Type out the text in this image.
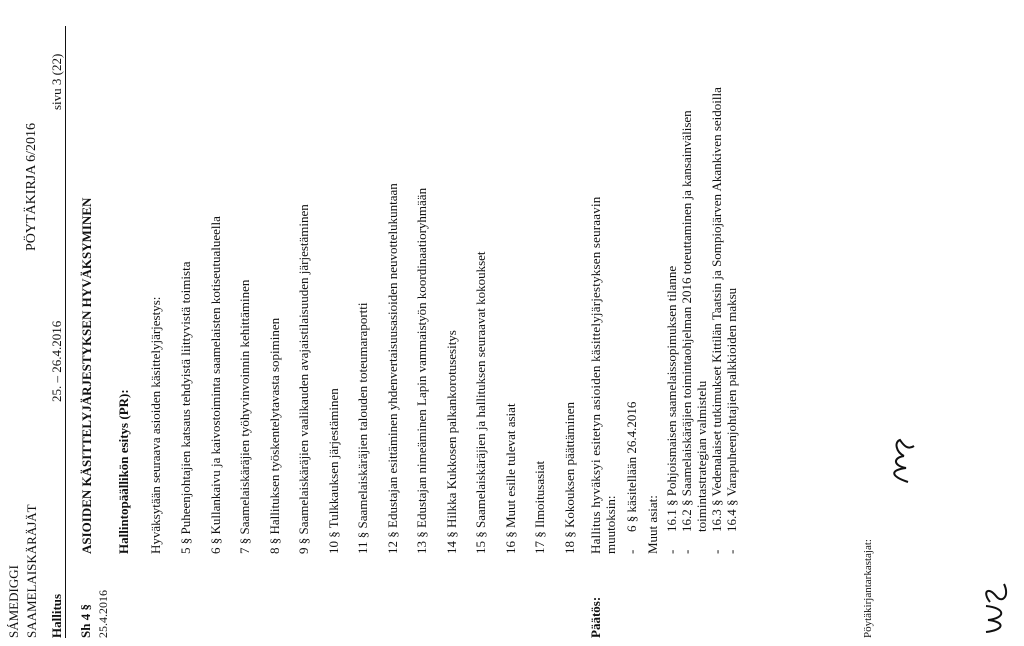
SÁMEDIGGI SAAMELAISKÄRÄJÄT
PÖYTÄKIRJA 6/2016
Hallitus
25. – 26.4.2016
sivu 3 (22)
Sh 4 § 25.4.2016
ASIOIDEN KÄSITTELYJÄRJESTYKSEN HYVÄKSYMINEN Hallintopäällikön esitys (PR): Hyväksytään seuraava asioiden käsittelyjärjestys: 5 § Puheenjohtajien katsaus tehdyistä liittyvistä toimista	6 § Kullankaivu ja kaivostoiminta saamelaisten kotiseutualueella	7 § Saamelaiskäräjien työhyvinvoinnin kehittäminen	8 § Hallituksen työskentelytavasta sopiminen	9 § Saamelaiskäräjien vaalikauden avajaistilaisuuden järjestäminen	10 § Tulkkauksen järjestäminen	11 § Saamelaiskäräjien talouden toteumaraportti	12 § Edustajan esittäminen yhdenvertaisuusasioiden neuvottelukuntaan	13 § Edustajan nimeäminen Lapin vammaistyön koordinaatioryhmään	14 § Hilkka Kukkosen palkankorotusesitys	15 § Saamelaiskäräjien ja hallituksen seuraavat kokoukset	16 § Muut esille tulevat asiat	17 § Ilmoitusasiat	18 § Kokouksen päättäminen
Päätös:
Hallitus hyväksyi esitetyn asioiden käsittelyjärjestyksen seuraavin muutoksin: - 6 § käsitellään 26.4.2016 Muut asiat: - 16.1 § Pohjoismaisen saamelaissopimuksen tilanne - 16.2 § Saamelaiskäräjien toimintaohjelman 2016 toteuttaminen ja kansainvälisen toimintastrategian valmistelu - 16.3 § Vedenalaiset tutkimukset Kittilän Taatsin ja Sompiojärven Akankiven seidoilla - 16.4 § Varapuheenjohtajien palkkioiden maksu
Pöytäkirjantarkastajat:
